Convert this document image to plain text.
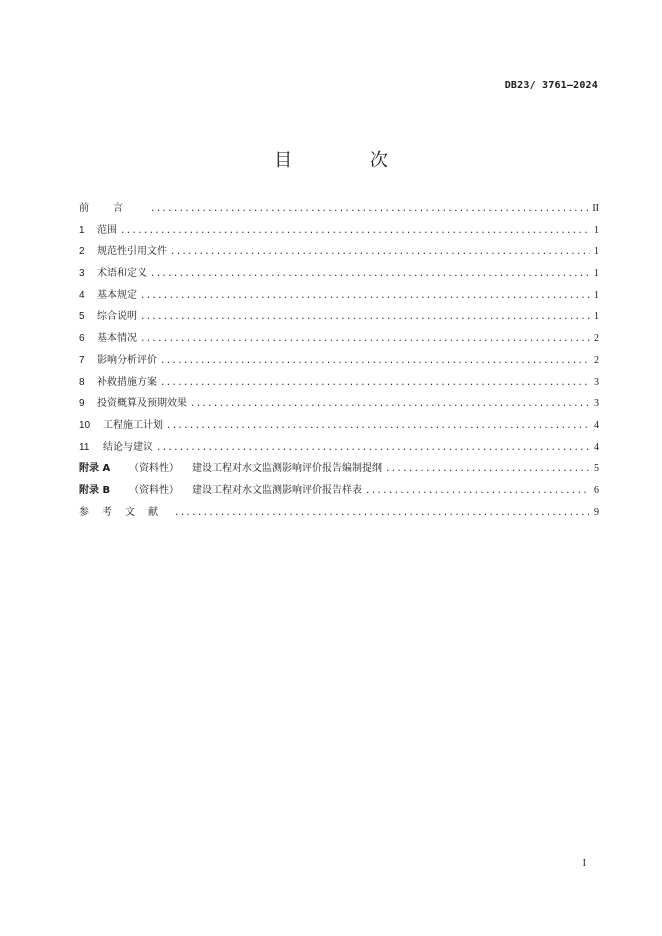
DB23/ 3761—2024
目 次
前言 .....	II
1	范围 .....	1
2	规范性引用文件 .....	1
3	术语和定义 .....	1
4	基本规定 .....	1
5	综合说明 .....	1
6	基本情况 .....	2
7	影响分析评价 .....	2
8	补救措施方案 .....	3
9	投资概算及预期效果 .....	3
10	工程施工计划 .....	4
11	结论与建议 .....	4
附录 A	（资料性）	建设工程对水文监测影响评价报告编制提纲 .....	5
附录 B	（资料性）	建设工程对水文监测影响评价报告样表 .....	6
参考文献 .....	9
I
